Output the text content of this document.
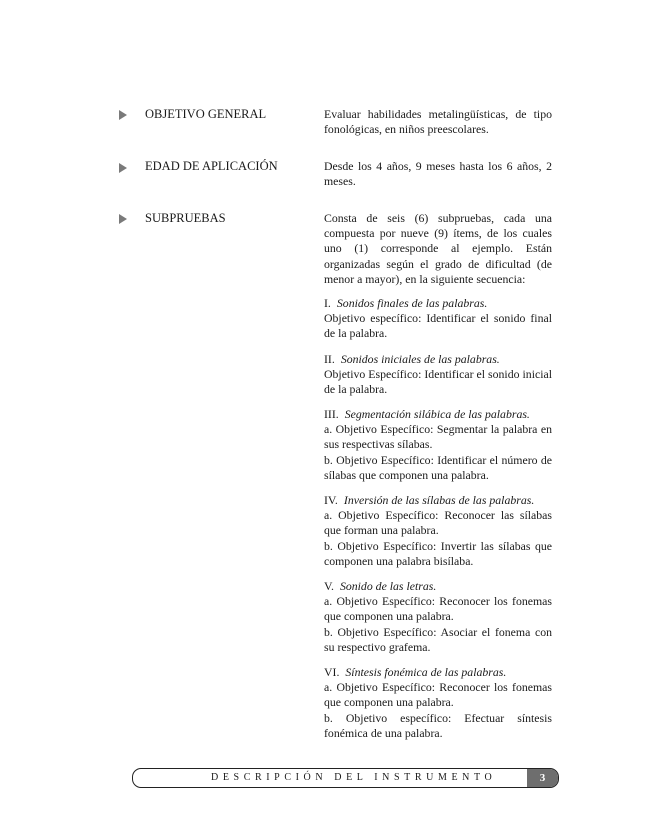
OBJETIVO GENERAL	Evaluar habilidades metalingüísticas, de tipo fonológicas, en niños preescolares.
EDAD DE APLICACIÓN	Desde los 4 años, 9 meses hasta los 6 años, 2 meses.
SUBPRUEBAS	Consta de seis (6) subpruebas, cada una compuesta por nueve (9) ítems, de los cuales uno (1) corresponde al ejemplo. Están organizadas según el grado de dificultad (de menor a mayor), en la siguiente secuencia:

I. Sonidos finales de las palabras.

Objetivo específico: Identificar el sonido final de la palabra.

II. Sonidos iniciales de las palabras.

Objetivo Específico: Identificar el sonido inicial de la palabra.

III. Segmentación silábica de las palabras.

a. Objetivo Específico: Segmentar la palabra en sus respectivas sílabas.

b. Objetivo Específico: Identificar el número de sílabas que componen una palabra.

IV. Inversión de las sílabas de las palabras.

a. Objetivo Específico: Reconocer las sílabas que forman una palabra.

b. Objetivo Específico: Invertir las sílabas que componen una palabra bisílaba.

V. Sonido de las letras.

a. Objetivo Específico: Reconocer los fonemas que componen una palabra.

b. Objetivo Específico: Asociar el fonema con su respectivo grafema.

VI. Síntesis fonémica de las palabras.

a. Objetivo Específico: Reconocer los fonemas que componen una palabra.

b. Objetivo específico: Efectuar síntesis fonémica de una palabra.

DESCRIPCIÓN DEL INSTRUMENTO	3
